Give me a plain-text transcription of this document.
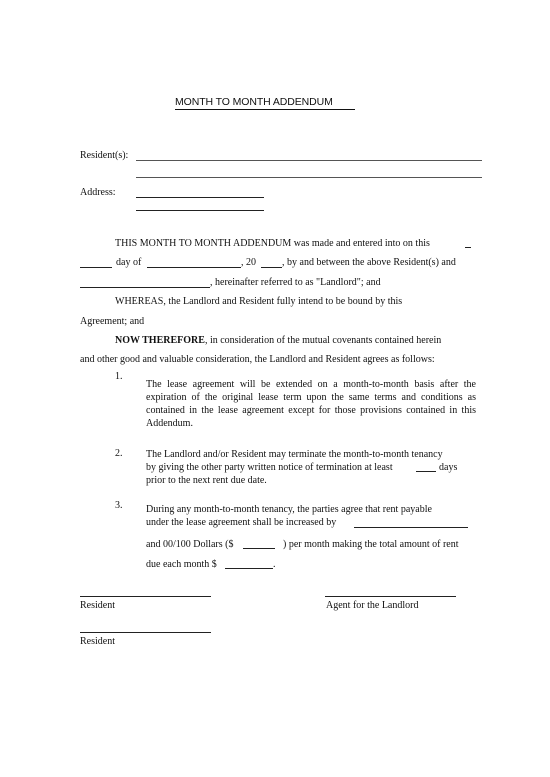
MONTH TO MONTH ADDENDUM
Resident(s):
Address:
THIS MONTH TO MONTH ADDENDUM was made and entered into on this
day of	, 20	, by and between the above Resident(s) and
, hereinafter referred to as "Landlord"; and
WHEREAS, the Landlord and Resident fully intend to be bound by this
Agreement; and
NOW THEREFORE, in consideration of the mutual covenants contained herein
and other good and valuable consideration, the Landlord and Resident agrees as follows:
1.
The lease agreement will be extended on a month-to-month basis after the expiration of the original lease term upon the same terms and conditions as contained in the lease agreement except for those provisions contained in this Addendum.
2. The Landlord and/or Resident may terminate the month-to-month tenancy
by giving the other party written notice of termination at least	days
prior to the next rent due date.
3. During any month-to-month tenancy, the parties agree that rent payable
under the lease agreement shall be increased by
and 00/100 Dollars ($	) per month making the total amount of rent
due each month $	.
Resident	Agent for the Landlord
Resident
